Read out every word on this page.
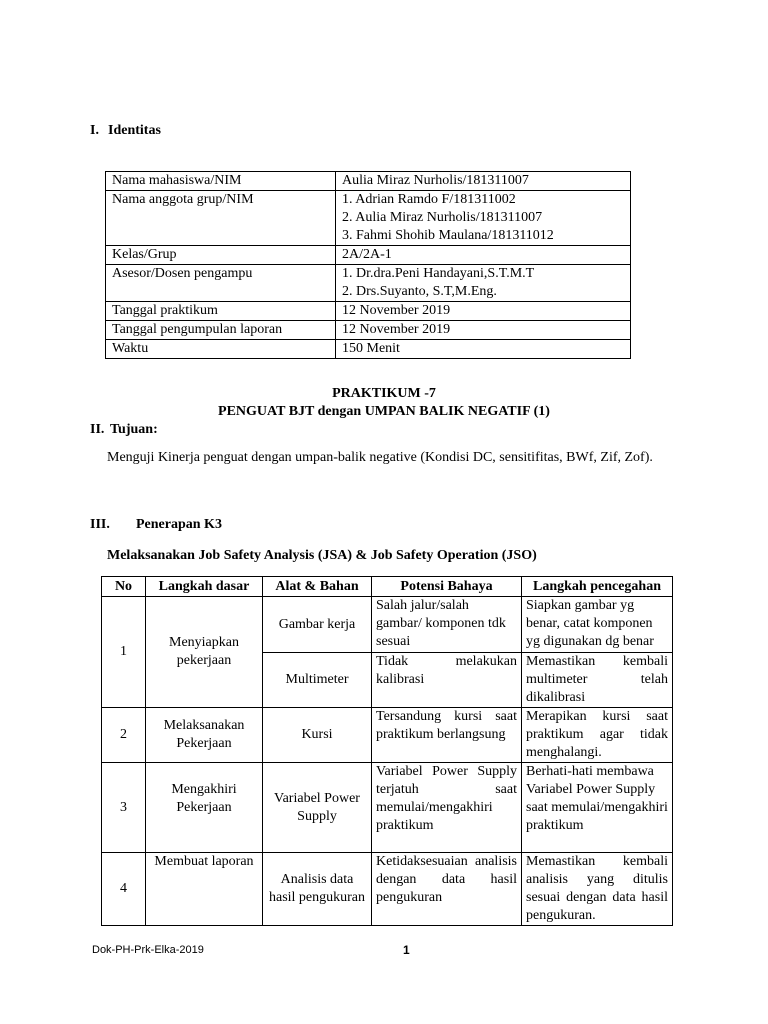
I. Identitas
Nama mahasiswa/NIM	Aulia Miraz Nurholis/181311007

Nama anggota grup/NIM	1. Adrian Ramdo F/181311002
2. Aulia Miraz Nurholis/181311007
3. Fahmi Shohib Maulana/181311012

Kelas/Grup	2A/2A-1

Asesor/Dosen pengampu	1. Dr.dra.Peni Handayani,S.T.M.T
2. Drs.Suyanto, S.T,M.Eng.

Tanggal praktikum	12 November 2019

Tanggal pengumpulan laporan	12 November 2019

Waktu	150 Menit
PRAKTIKUM -7
PENGUAT BJT dengan UMPAN BALIK NEGATIF (1)
II. Tujuan:
Menguji Kinerja penguat dengan umpan-balik negative (Kondisi DC, sensitifitas, BWf, Zif, Zof).
III. Penerapan K3
Melaksanakan Job Safety Analysis (JSA) & Job Safety Operation (JSO)
No	Langkah dasar	Alat & Bahan	Potensi Bahaya	Langkah pencegahan
1	Menyiapkan pekerjaan	Gambar kerja	Salah jalur/salah gambar/ komponen tdk sesuai	Siapkan gambar yg benar, catat komponen yg digunakan dg benar
		Multimeter	Tidak melakukan kalibrasi	Memastikan kembali multimeter telah dikalibrasi
2	Melaksanakan Pekerjaan	Kursi	Tersandung kursi saat praktikum berlangsung	Merapikan kursi saat praktikum agar tidak menghalangi.
3	Mengakhiri Pekerjaan	Variabel Power Supply	Variabel Power Supply terjatuh saat memulai/mengakhiri praktikum	Berhati-hati membawa Variabel Power Supply saat memulai/mengakhiri praktikum
4	Membuat laporan	Analisis data hasil pengukuran	Ketidaksesuaian analisis dengan data hasil pengukuran	Memastikan kembali analisis yang ditulis sesuai dengan data hasil pengukuran.
Dok-PH-Prk-Elka-2019	1
